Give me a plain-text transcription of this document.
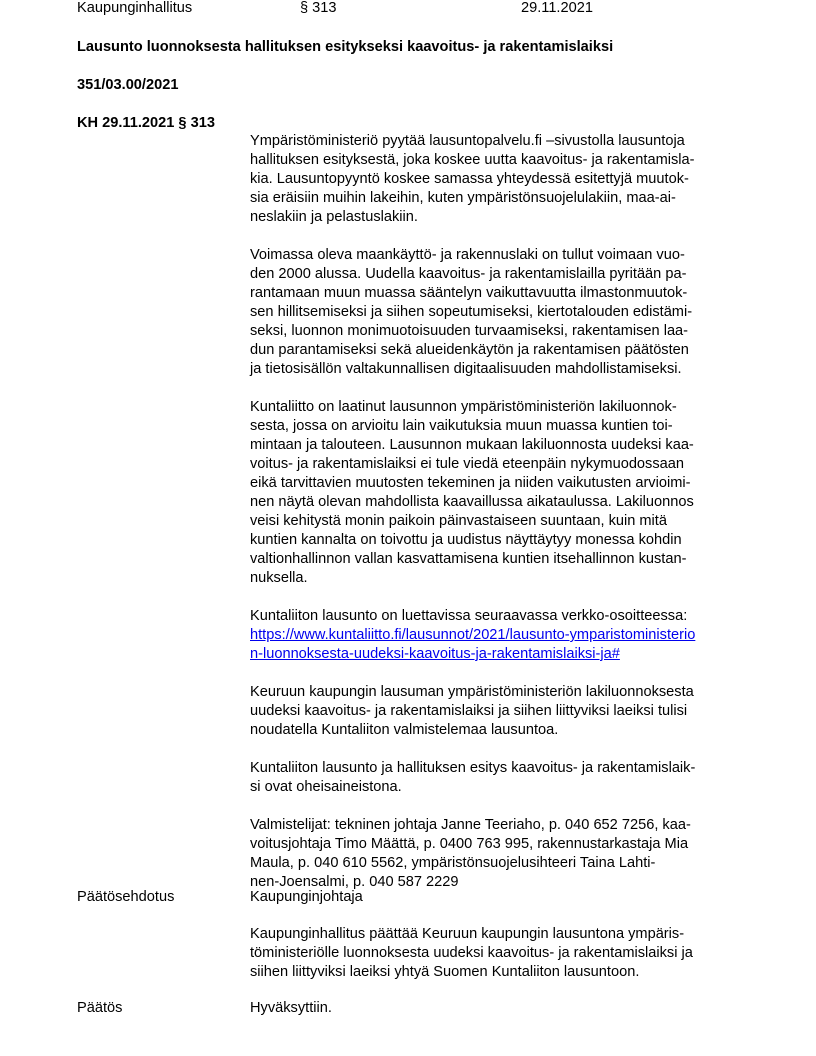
Kaupunginhallitus	§ 313	29.11.2021
Lausunto luonnoksesta hallituksen esitykseksi kaavoitus- ja rakentamislaiksi
351/03.00/2021
KH 29.11.2021 § 313

Ympäristöministeriö pyytää lausuntopalvelu.fi –sivustolla lausuntoja
hallituksen esityksestä, joka koskee uutta kaavoitus- ja rakentamisla-
kia. Lausuntopyyntö koskee samassa yhteydessä esitettyjä muutok-
sia eräisiin muihin lakeihin, kuten ympäristönsuojelulakiin, maa-ai-
neslakiin ja pelastuslakiin.

Voimassa oleva maankäyttö- ja rakennuslaki on tullut voimaan vuo-
den 2000 alussa. Uudella kaavoitus- ja rakentamislailla pyritään pa-
rantamaan muun muassa sääntelyn vaikuttavuutta ilmastonmuutok-
sen hillitsemiseksi ja siihen sopeutumiseksi, kiertotalouden edistämi-
seksi, luonnon monimuotoisuuden turvaamiseksi, rakentamisen laa-
dun parantamiseksi sekä alueidenkäytön ja rakentamisen päätösten
ja tietosisällön valtakunnallisen digitaalisuuden mahdollistamiseksi.

Kuntaliitto on laatinut lausunnon ympäristöministeriön lakiluonnok-
sesta, jossa on arvioitu lain vaikutuksia muun muassa kuntien toi-
mintaan ja talouteen. Lausunnon mukaan lakiluonnosta uudeksi kaa-
voitus- ja rakentamislaiksi ei tule viedä eteenpäin nykymuodossaan
eikä tarvittavien muutosten tekeminen ja niiden vaikutusten arvioimi-
nen näytä olevan mahdollista kaavaillussa aikataulussa. Lakiluonnos
veisi kehitystä monin paikoin päinvastaiseen suuntaan, kuin mitä
kuntien kannalta on toivottu ja uudistus näyttäytyy monessa kohdin
valtionhallinnon vallan kasvattamisena kuntien itsehallinnon kustan-
nuksella.

Kuntaliiton lausunto on luettavissa seuraavassa verkko-osoitteessa:
https://www.kuntaliitto.fi/lausunnot/2021/lausunto-ymparistoministerio
n-luonnoksesta-uudeksi-kaavoitus-ja-rakentamislaiksi-ja#

Keuruun kaupungin lausuman ympäristöministeriön lakiluonnoksesta
uudeksi kaavoitus- ja rakentamislaiksi ja siihen liittyviksi laeiksi tulisi
noudatella Kuntaliiton valmistelemaa lausuntoa.

Kuntaliiton lausunto ja hallituksen esitys kaavoitus- ja rakentamislaik-
si ovat oheisaineistona.

Valmistelijat: tekninen johtaja Janne Teeriaho, p. 040 652 7256, kaa-
voitusjohtaja Timo Määttä, p. 0400 763 995, rakennustarkastaja Mia
Maula, p. 040 610 5562, ympäristönsuojelusihteeri Taina Lahti-
nen-Joensalmi, p. 040 587 2229

Päätösehdotus	Kaupunginjohtaja
Kaupunginhallitus päättää Keuruun kaupungin lausuntona ympäris-
töministeriölle luonnoksesta uudeksi kaavoitus- ja rakentamislaiksi ja
siihen liittyviksi laeiksi yhtyä Suomen Kuntaliiton lausuntoon.
Päätös	Hyväksyttiin.
